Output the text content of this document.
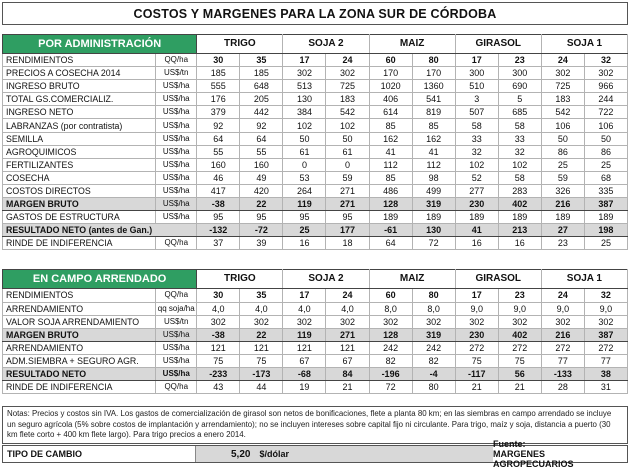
COSTOS Y MARGENES PARA LA ZONA SUR DE CÓRDOBA
POR ADMINISTRACIÓN		TRIGO		SOJA 2		MAIZ		GIRASOL		SOJA 1	
RENDIMIENTOS	QQ/ha	30	35	17	24	60	80	17	23	24	32
PRECIOS A COSECHA 2014	US$/tn	185	185	302	302	170	170	300	300	302	302
INGRESO BRUTO	US$/ha	555	648	513	725	1020	1360	510	690	725	966
TOTAL GS.COMERCIALIZ.	US$/ha	176	205	130	183	406	541	3	5	183	244
INGRESO NETO	US$/ha	379	442	384	542	614	819	507	685	542	722
LABRANZAS (por contratista)	US$/ha	92	92	102	102	85	85	58	58	106	106
SEMILLA	US$/ha	64	64	50	50	162	162	33	33	50	50
AGROQUIMICOS	US$/ha	55	55	61	61	41	41	32	32	86	86
FERTILIZANTES	US$/ha	160	160	0	0	112	112	102	102	25	25
COSECHA	US$/ha	46	49	53	59	85	98	52	58	59	68
COSTOS DIRECTOS	US$/ha	417	420	264	271	486	499	277	283	326	335
MARGEN BRUTO	US$/ha	-38	22	119	271	128	319	230	402	216	387
GASTOS DE ESTRUCTURA	US$/ha	95	95	95	95	189	189	189	189	189	189
RESULTADO NETO (antes de Gan.)		-132	-72	25	177	-61	130	41	213	27	198
RINDE DE INDIFERENCIA	QQ/ha	37	39	16	18	64	72	16	16	23	25
EN CAMPO ARRENDADO		TRIGO		SOJA 2		MAIZ		GIRASOL		SOJA 1	
RENDIMIENTOS	QQ/ha	30	35	17	24	60	80	17	23	24	32
ARRENDAMIENTO	qq soja/ha	4,0	4,0	4,0	4,0	8,0	8,0	9,0	9,0	9,0	9,0
VALOR SOJA ARRENDAMIENTO	US$/tn	302	302	302	302	302	302	302	302	302	302
MARGEN BRUTO	US$/ha	-38	22	119	271	128	319	230	402	216	387
ARRENDAMIENTO	US$/ha	121	121	121	121	242	242	272	272	272	272
ADM.SIEMBRA + SEGURO AGR.	US$/ha	75	75	67	67	82	82	75	75	77	77
RESULTADO NETO	US$/ha	-233	-173	-68	84	-196	-4	-117	56	-133	38
RINDE DE INDIFERENCIA	QQ/ha	43	44	19	21	72	80	21	21	28	31
Notas: Precios y costos sin IVA. Los gastos de comercialización de girasol son netos de bonificaciones, flete a planta 80 km; en las siembras en campo arrendado se incluye un seguro agrícola (5% sobre costos de implantación y arrendamiento); no se incluyen intereses sobre capital fijo ni circulante. Para trigo, maíz y soja, distancia a puerto (30 km flete corto + 400 km flete largo). Para trigo precios a enero 2014.
TIPO DE CAMBIO	5,20 $/dólar
Fuente: MARGENES AGROPECUARIOS
